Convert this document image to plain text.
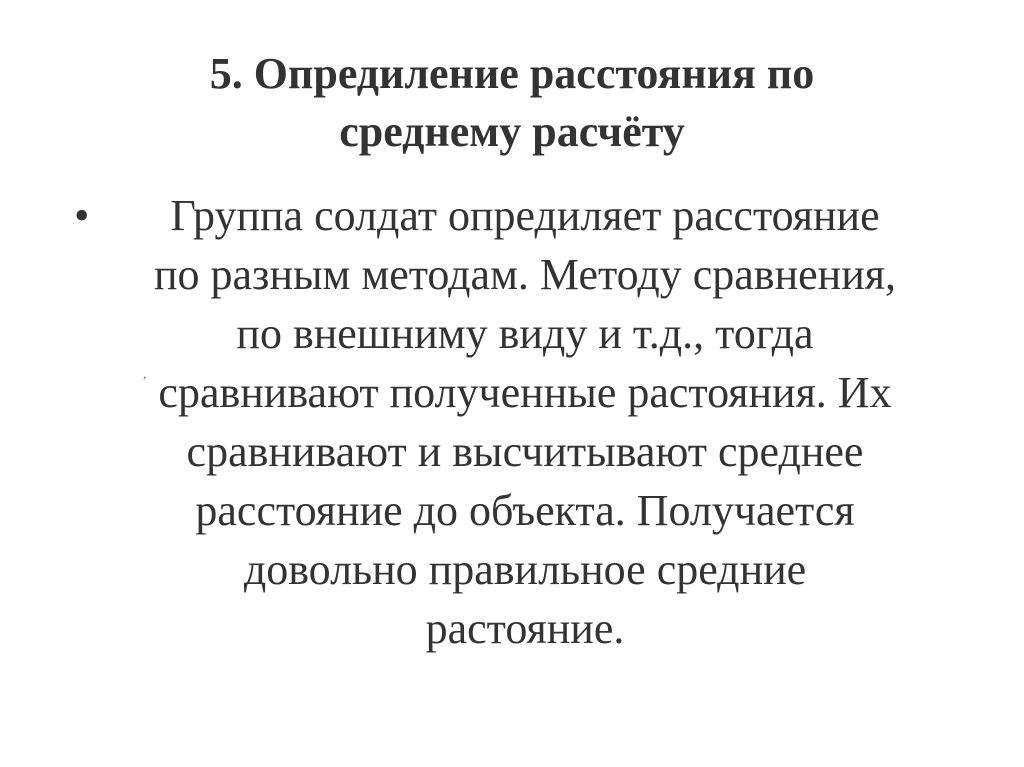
5. Опредиление расстояния по
среднему расчёту
•	Группа солдат опредиляет расстояние
по разным методам. Методу сравнения,
по внешниму виду и т.д., тогда
сравнивают полученные растояния. Их
сравнивают и высчитывают среднее
расстояние до объекта. Получается
довольно правильное средние
растояние.
,
